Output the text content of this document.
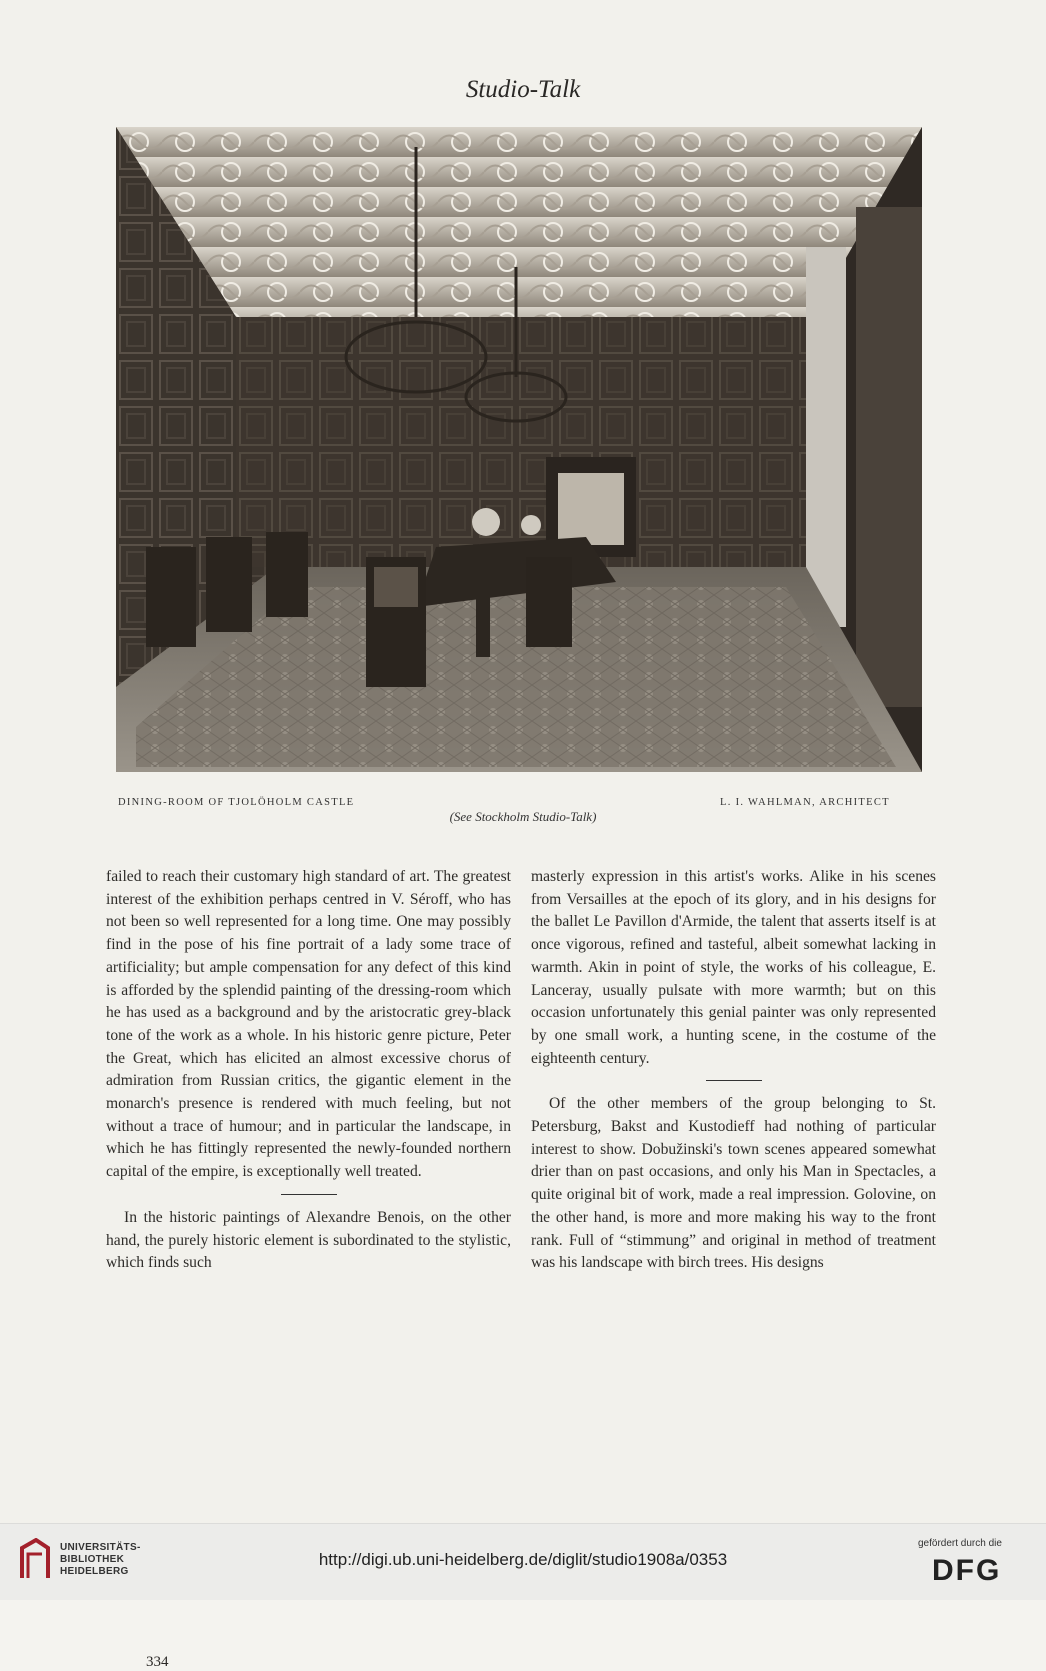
Studio-Talk
DINING-ROOM OF TJOLÖHOLM CASTLE	L. I. WAHLMAN, ARCHITECT
(See Stockholm Studio-Talk)

failed to reach their customary high standard of art. The greatest interest of the exhibition perhaps centred in V. Séroff, who has not been so well represented for a long time. One may possibly find in the pose of his fine portrait of a lady some trace of artificiality; but ample compensation for any defect of this kind is afforded by the splendid painting of the dressing-room which he has used as a background and by the aristocratic grey-black tone of the work as a whole. In his historic genre picture, Peter the Great, which has elicited an almost excessive chorus of admiration from Russian critics, the gigantic element in the monarch's presence is rendered with much feeling, but not without a trace of humour; and in particular the landscape, in which he has fittingly represented the newly-founded northern capital of the empire, is exceptionally well treated.

In the historic paintings of Alexandre Benois, on the other hand, the purely historic element is subordinated to the stylistic, which finds such

masterly expression in this artist's works. Alike in his scenes from Versailles at the epoch of its glory, and in his designs for the ballet Le Pavillon d'Armide, the talent that asserts itself is at once vigorous, refined and tasteful, albeit somewhat lacking in warmth. Akin in point of style, the works of his colleague, E. Lanceray, usually pulsate with more warmth; but on this occasion unfortunately this genial painter was only represented by one small work, a hunting scene, in the costume of the eighteenth century.

Of the other members of the group belonging to St. Petersburg, Bakst and Kustodieff had nothing of particular interest to show. Dobužinski's town scenes appeared somewhat drier than on past occasions, and only his Man in Spectacles, a quite original bit of work, made a real impression. Golovine, on the other hand, is more and more making his way to the front rank. Full of “stimmung” and original in method of treatment was his landscape with birch trees. His designs

334
UNIVERSITÄTS-
BIBLIOTHEK
HEIDELBERG
http://digi.ub.uni-heidelberg.de/diglit/studio1908a/0353
gefördert durch die
DFG
